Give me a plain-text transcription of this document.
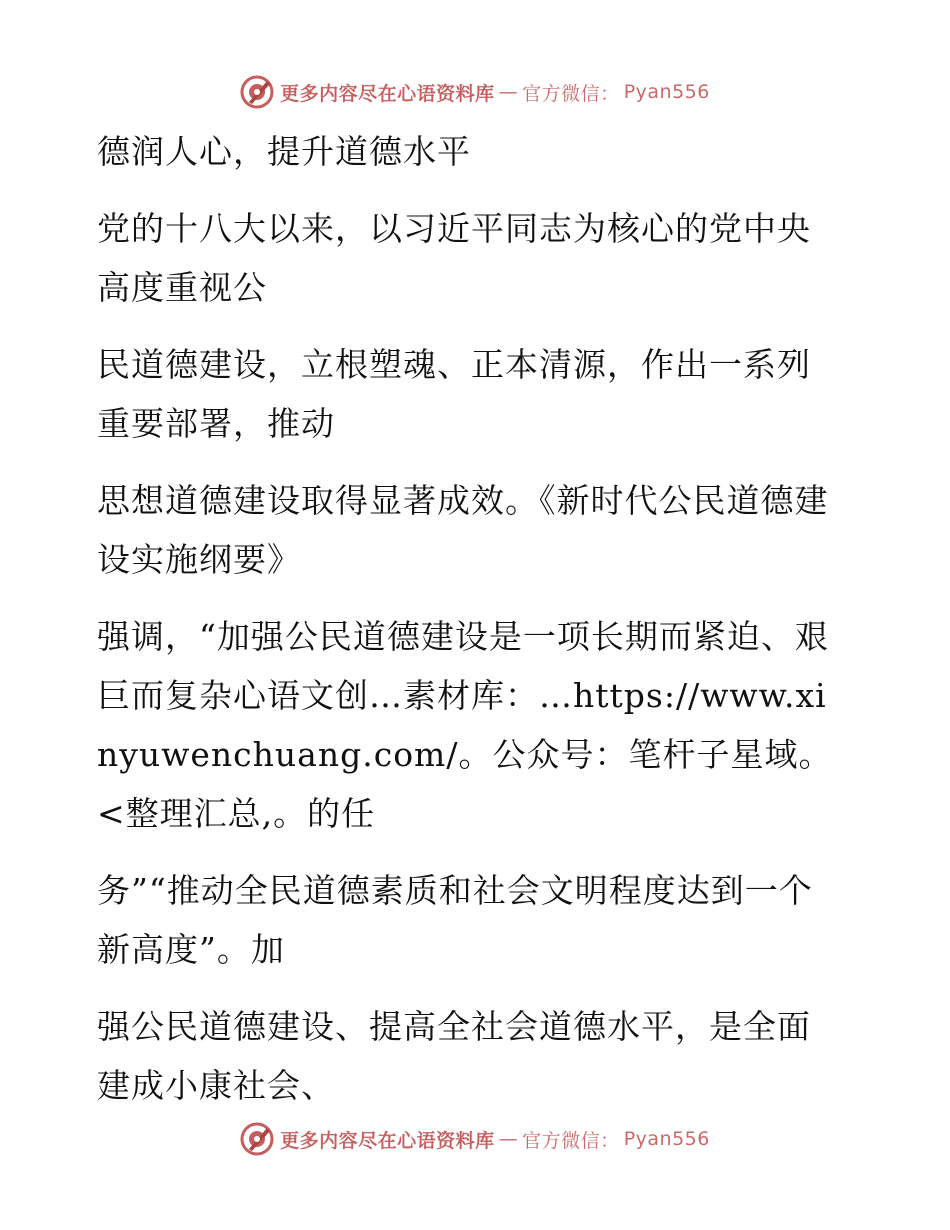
更多内容尽在心语资料库 — 官方微信： Pyan556

德润人心，提升道德水平

党的十八大以来，以习近平同志为核心的党中央高度重视公

民道德建设，立根塑魂、正本清源，作出一系列重要部署，推动

思想道德建设取得显著成效。《新时代公民道德建设实施纲要》

强调，“加强公民道德建设是一项长期而紧迫、艰巨而复杂心语文创…素材库：…https://www.xinyuwenchuang.com/。公众号：笔杆子星域。<整理汇总,。的任

务”“推动全民道德素质和社会文明程度达到一个新高度”。加

强公民道德建设、提高全社会道德水平，是全面建成小康社会、

更多内容尽在心语资料库 — 官方微信： Pyan556
